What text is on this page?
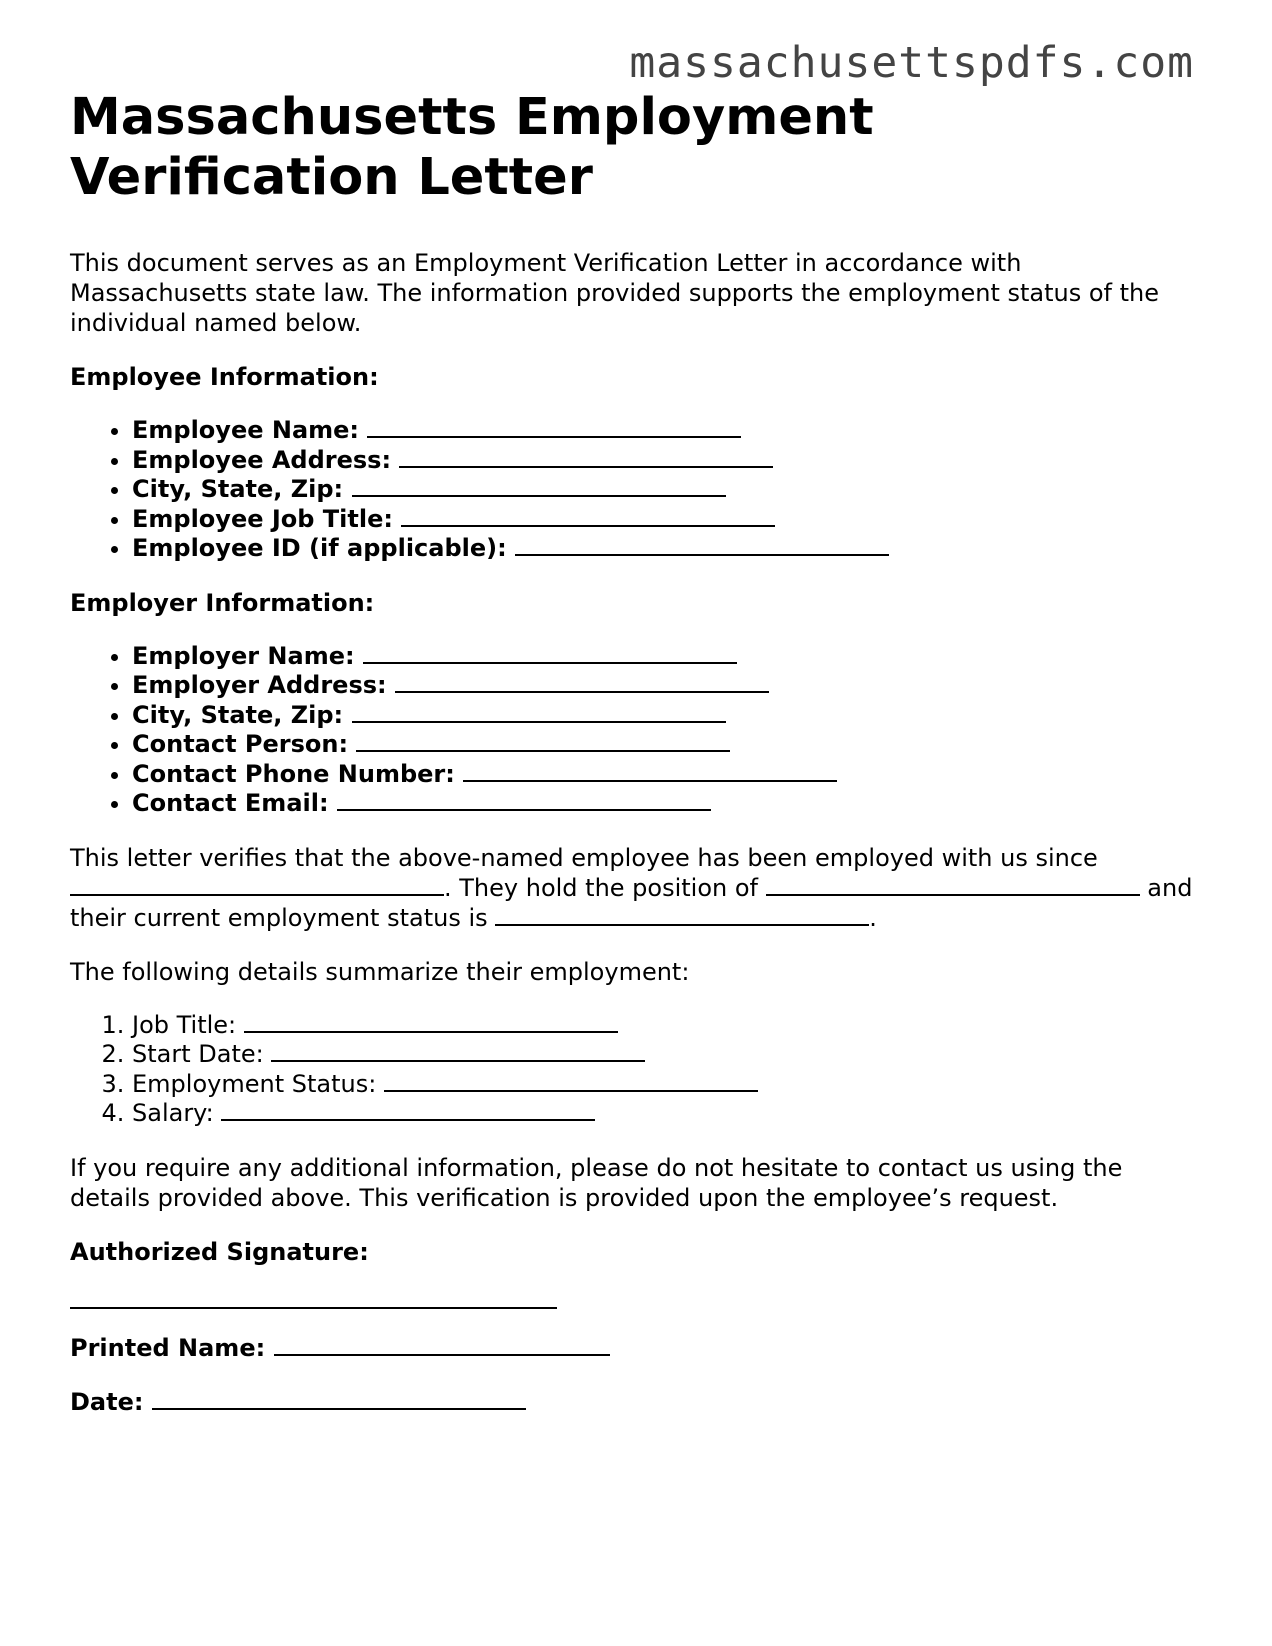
massachusettspdfs.com
Massachusetts Employment Verification Letter

This document serves as an Employment Verification Letter in accordance with Massachusetts state law. The information provided supports the employment status of the individual named below.

Employee Information:

• Employee Name:
• Employee Address:
• City, State, Zip:
• Employee Job Title:
• Employee ID (if applicable):

Employer Information:

• Employer Name:
• Employer Address:
• City, State, Zip:
• Contact Person:
• Contact Phone Number:
• Contact Email:

This letter verifies that the above-named employee has been employed with us since . They hold the position of	and their current employment status is	.

The following details summarize their employment:

1. Job Title:
2. Start Date:
3. Employment Status:
4. Salary:

If you require any additional information, please do not hesitate to contact us using the details provided above. This verification is provided upon the employee’s request.

Authorized Signature:

Printed Name:

Date:
